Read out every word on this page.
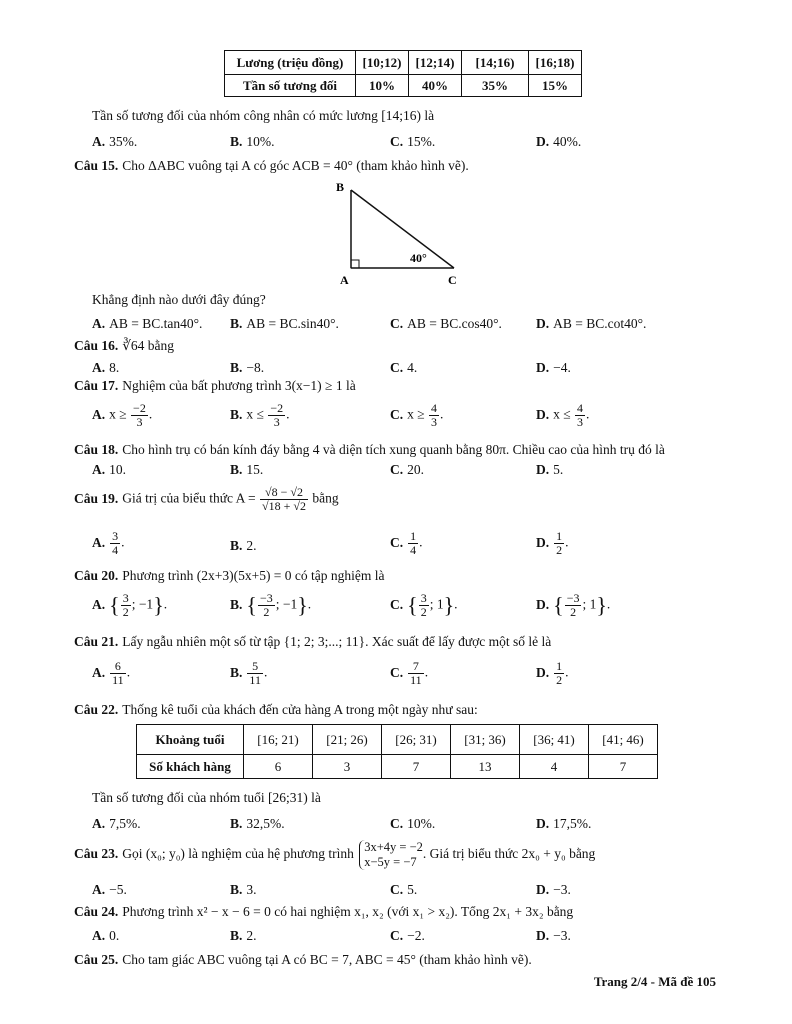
Lương (triệu đồng)	[10;12)	[12;14)	[14;16)	[16;18)
Tần số tương đối	10%	40%	35%	15%
Tần số tương đối của nhóm công nhân có mức lương [14;16) là
A. 35%.	B. 10%.	C. 15%.	D. 40%.
Câu 15. Cho ΔABC vuông tại A có góc ACB = 40° (tham khảo hình vẽ).
B
A	C
40°
Khẳng định nào dưới đây đúng?
A. AB = BC.tan40°. B. AB = BC.sin40°.	C. AB = BC.cos40°.	D. AB = BC.cot40°.
Câu 16. ∛64 bằng
A. 8.	B. −8.	C. 4.	D. −4.
Câu 17. Nghiệm của bất phương trình 3(x−1) ≥ 1 là
A. $x \ge \frac{-2}{3}$ .	B. $x \le \frac{-2}{3}$ .	C. $x \ge \frac{4}{3}$ .	D. $x \le \frac{4}{3}$ .
Câu 18. Cho hình trụ có bán kính đáy bằng 4 và diện tích xung quanh bằng 80π. Chiều cao của hình trụ đó là
A. 10.	B. 15.	C. 20.	D. 5.
Câu 19. Giá trị của biểu thức $A = \frac{√8 - √2}{√18 + √2}$ bằng
A. $\frac{3}{4}$ .	B. 2.	C. $\frac{1}{4}$ .	D. $\frac{1}{2}$ .
Câu 20. Phương trình (2x+3)(5x+5) = 0 có tập nghiệm là
A. { $\frac{3}{2}$ ; −1}.	B. { $\frac{-3}{2}$ ; −1}.	C. { $\frac{3}{2}$ ; 1}.	D. { $\frac{-3}{2}$ ; 1}.
Câu 21. Lấy ngẫu nhiên một số từ tập {1; 2; 3;...; 11}. Xác suất để lấy được một số lẻ là
A. $\frac{6}{11}$ .	B. $\frac{5}{11}$ .	C. $\frac{7}{11}$ .	D. $\frac{1}{2}$ .
Câu 22. Thống kê tuổi của khách đến cửa hàng A trong một ngày như sau:
Khoảng tuổi	[16; 21)	[21; 26)	[26; 31)	[31; 36)	[36; 41)	[41; 46)
Số khách hàng	6	3	7	13	4	7
Tần số tương đối của nhóm tuổi [26;31) là
A. 7,5%.	B. 32,5%.	C. 10%.	D. 17,5%.
Câu 23. Gọi (x₀; y₀) là nghiệm của hệ phương trình 3x+4y = −2
x−5y = −7
. Giá trị biểu thức 2x₀ + y₀ bằng
A. −5.	B. 3.	C. 5.	D. −3.
Câu 24. Phương trình x² − x − 6 = 0 có hai nghiệm x₁, x₂ (với x₁ > x₂). Tổng 2x₁ + 3x₂ bằng
A. 0.	B. 2.	C. −2.	D. −3.
Câu 25. Cho tam giác ABC vuông tại A có BC = 7, ABC = 45° (tham khảo hình vẽ).
Trang 2/4 - Mã đề 105
